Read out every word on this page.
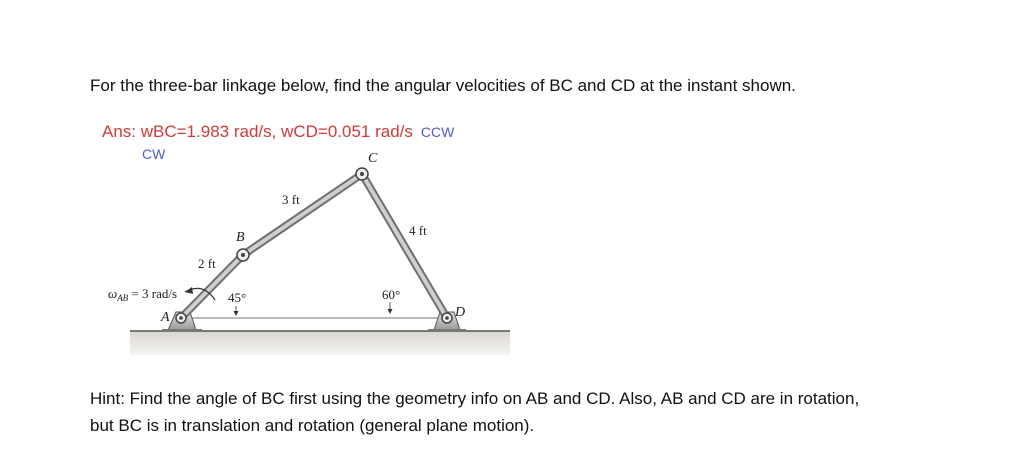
For the three-bar linkage below, find the angular velocities of BC and CD at the instant shown.
Ans: wBC=1.983 rad/s, wCD=0.051 rad/s CCW
CW
3 ft
4 ft
2 ft
45°	60°
B
C
A	D
$\omega_{AB} = 3$ rad/s
Hint: Find the angle of BC first using the geometry info on AB and CD. Also, AB and CD are in rotation,
but BC is in translation and rotation (general plane motion).
